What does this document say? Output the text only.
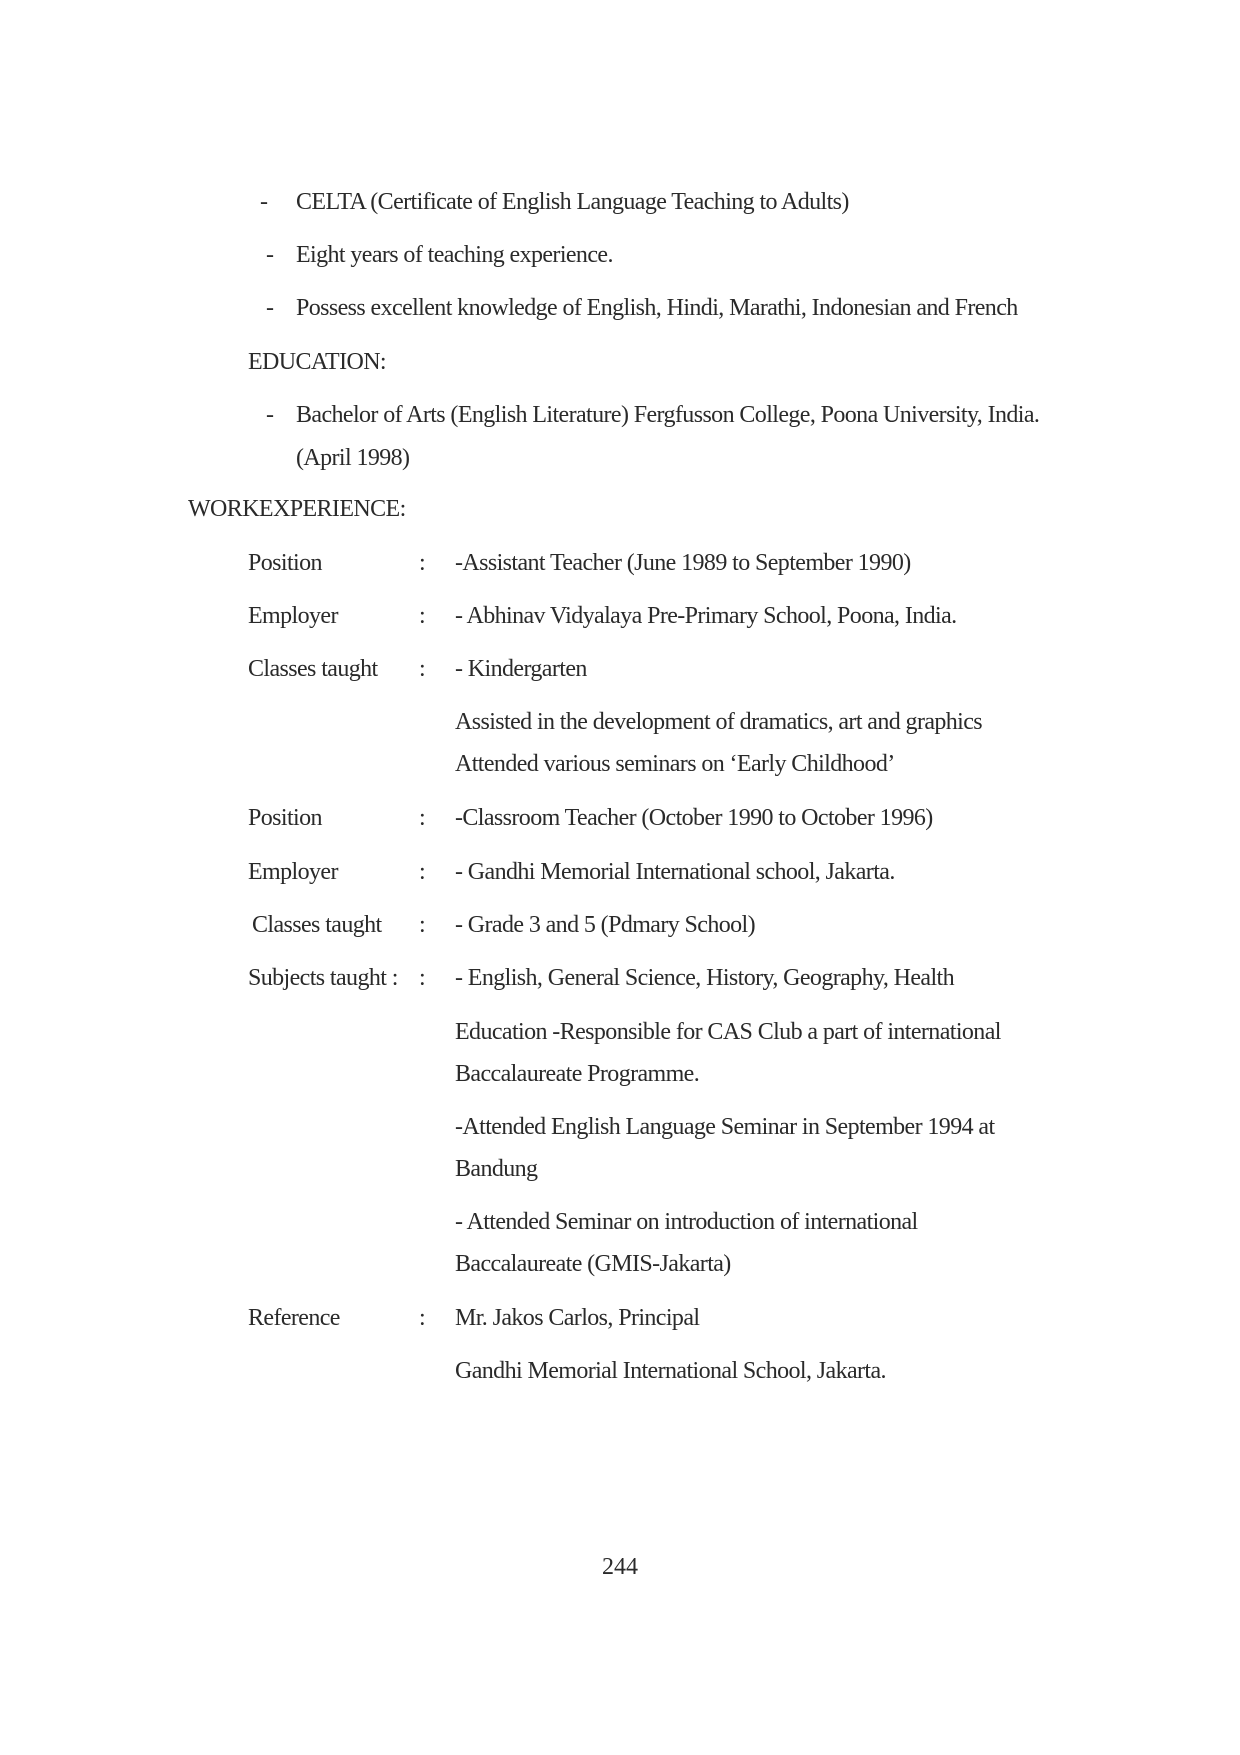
- CELTA (Certificate of English Language Teaching to Adults)
- Eight years of teaching experience.
- Possess excellent knowledge of English, Hindi, Marathi, Indonesian and French
EDUCATION:
- Bachelor of Arts (English Literature) Fergfusson College, Poona University, India.
(April 1998)
WORKEXPERIENCE:
Position	: -Assistant Teacher (June 1989 to September 1990)
Employer	: - Abhinav Vidyalaya Pre-Primary School, Poona, India.
Classes taught : - Kindergarten
Assisted in the development of dramatics, art and graphics
Attended various seminars on ‘Early Childhood’
Position	: -Classroom Teacher (October 1990 to October 1996)
Employer	: - Gandhi Memorial International school, Jakarta.
Classes taught : - Grade 3 and 5 (Pdmary School)
Subjects taught : : - English, General Science, History, Geography, Health
Education -Responsible for CAS Club a part of international
Baccalaureate Programme.
-Attended English Language Seminar in September 1994 at
Bandung
- Attended Seminar on introduction of international
Baccalaureate (GMIS-Jakarta)
Reference	: Mr. Jakos Carlos, Principal
Gandhi Memorial International School, Jakarta.
244
